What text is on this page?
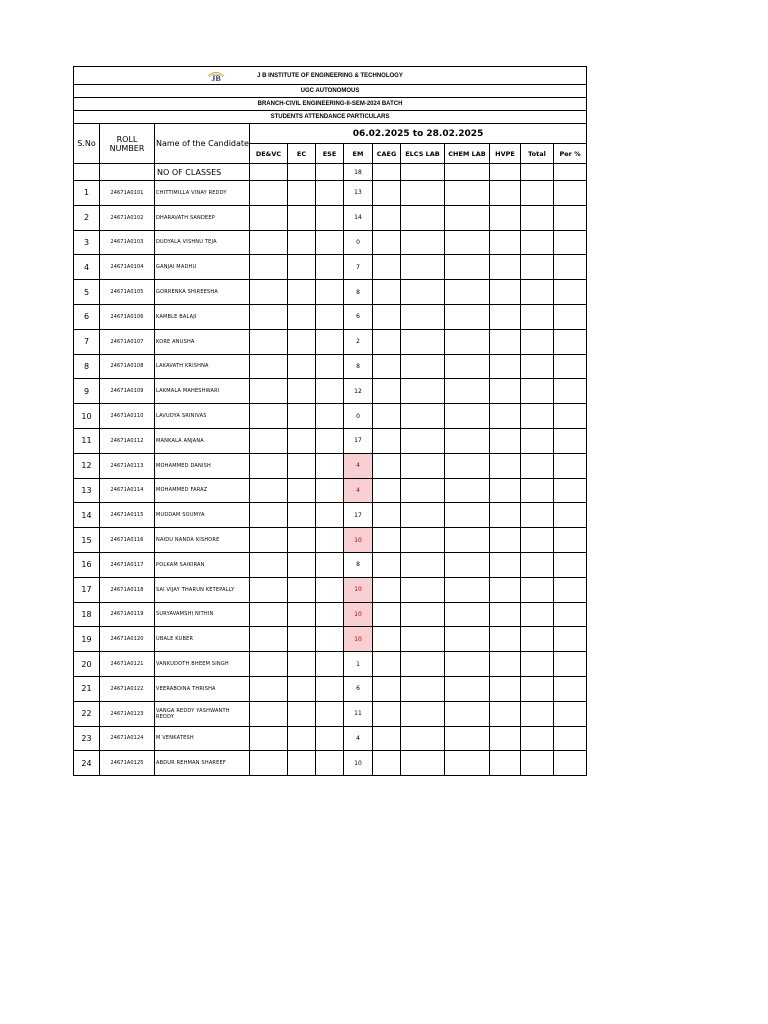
JB J B INSTITUTE OF ENGINEERING & TECHNOLOGY												
UGC AUTONOMOUS												
BRANCH-CIVIL ENGINEERING-II-SEM-2024 BATCH												
STUDENTS ATTENDANCE PARTICULARS												
S.No	ROLL NUMBER	Name of the Candidate	06.02.2025 to 28.02.2025									
			DE&VC	EC	ESE	EM	CAEG	ELCS LAB	CHEM LAB	HVPE	Total	Per %
		NO OF CLASSES				18						
1	24671A0101	CHITTIMILLA VINAY REDDY				13						
2	24671A0102	DHARAVATH SANDEEP				14						
3	24671A0103	DUDYALA VISHNU TEJA				0						
4	24671A0104	GANJAI MADHU				7						
5	24671A0105	GORRENKA SHIREESHA				8						
6	24671A0106	KAMBLE BALAJI				6						
7	24671A0107	KORE ANUSHA				2						
8	24671A0108	LAKAVATH KRISHNA				8						
9	24671A0109	LAKMALA MAHESHWARI				12						
10	24671A0110	LAVUDYA SRINIVAS				0						
11	24671A0112	MANKALA ANJANA				17						
12	24671A0113	MOHAMMED DANISH				4						
13	24671A0114	MOHAMMED FARAZ				4						
14	24671A0115	MUDDAM SOUMYA				17						
15	24671A0116	NAIDU NANDA KISHORE				10						
16	24671A0117	POLKAM SAIKIRAN				8						
17	24671A0118	SAI VIJAY THARUN KETEPALLY				10						
18	24671A0119	SURYAVAMSHI NITHIN				10						
19	24671A0120	UBALE KUBER				10						
20	24671A0121	VANKUDOTH BHEEM SINGH				1						
21	24671A0122	VEERABOINA THRISHA				6						
22	24671A0123	VANGA REDDY YASHWANTH REDDY				11						
23	24671A0124	M VENKATESH				4						
24	24671A0125	ABDUR REHMAN SHAREEF				10						
